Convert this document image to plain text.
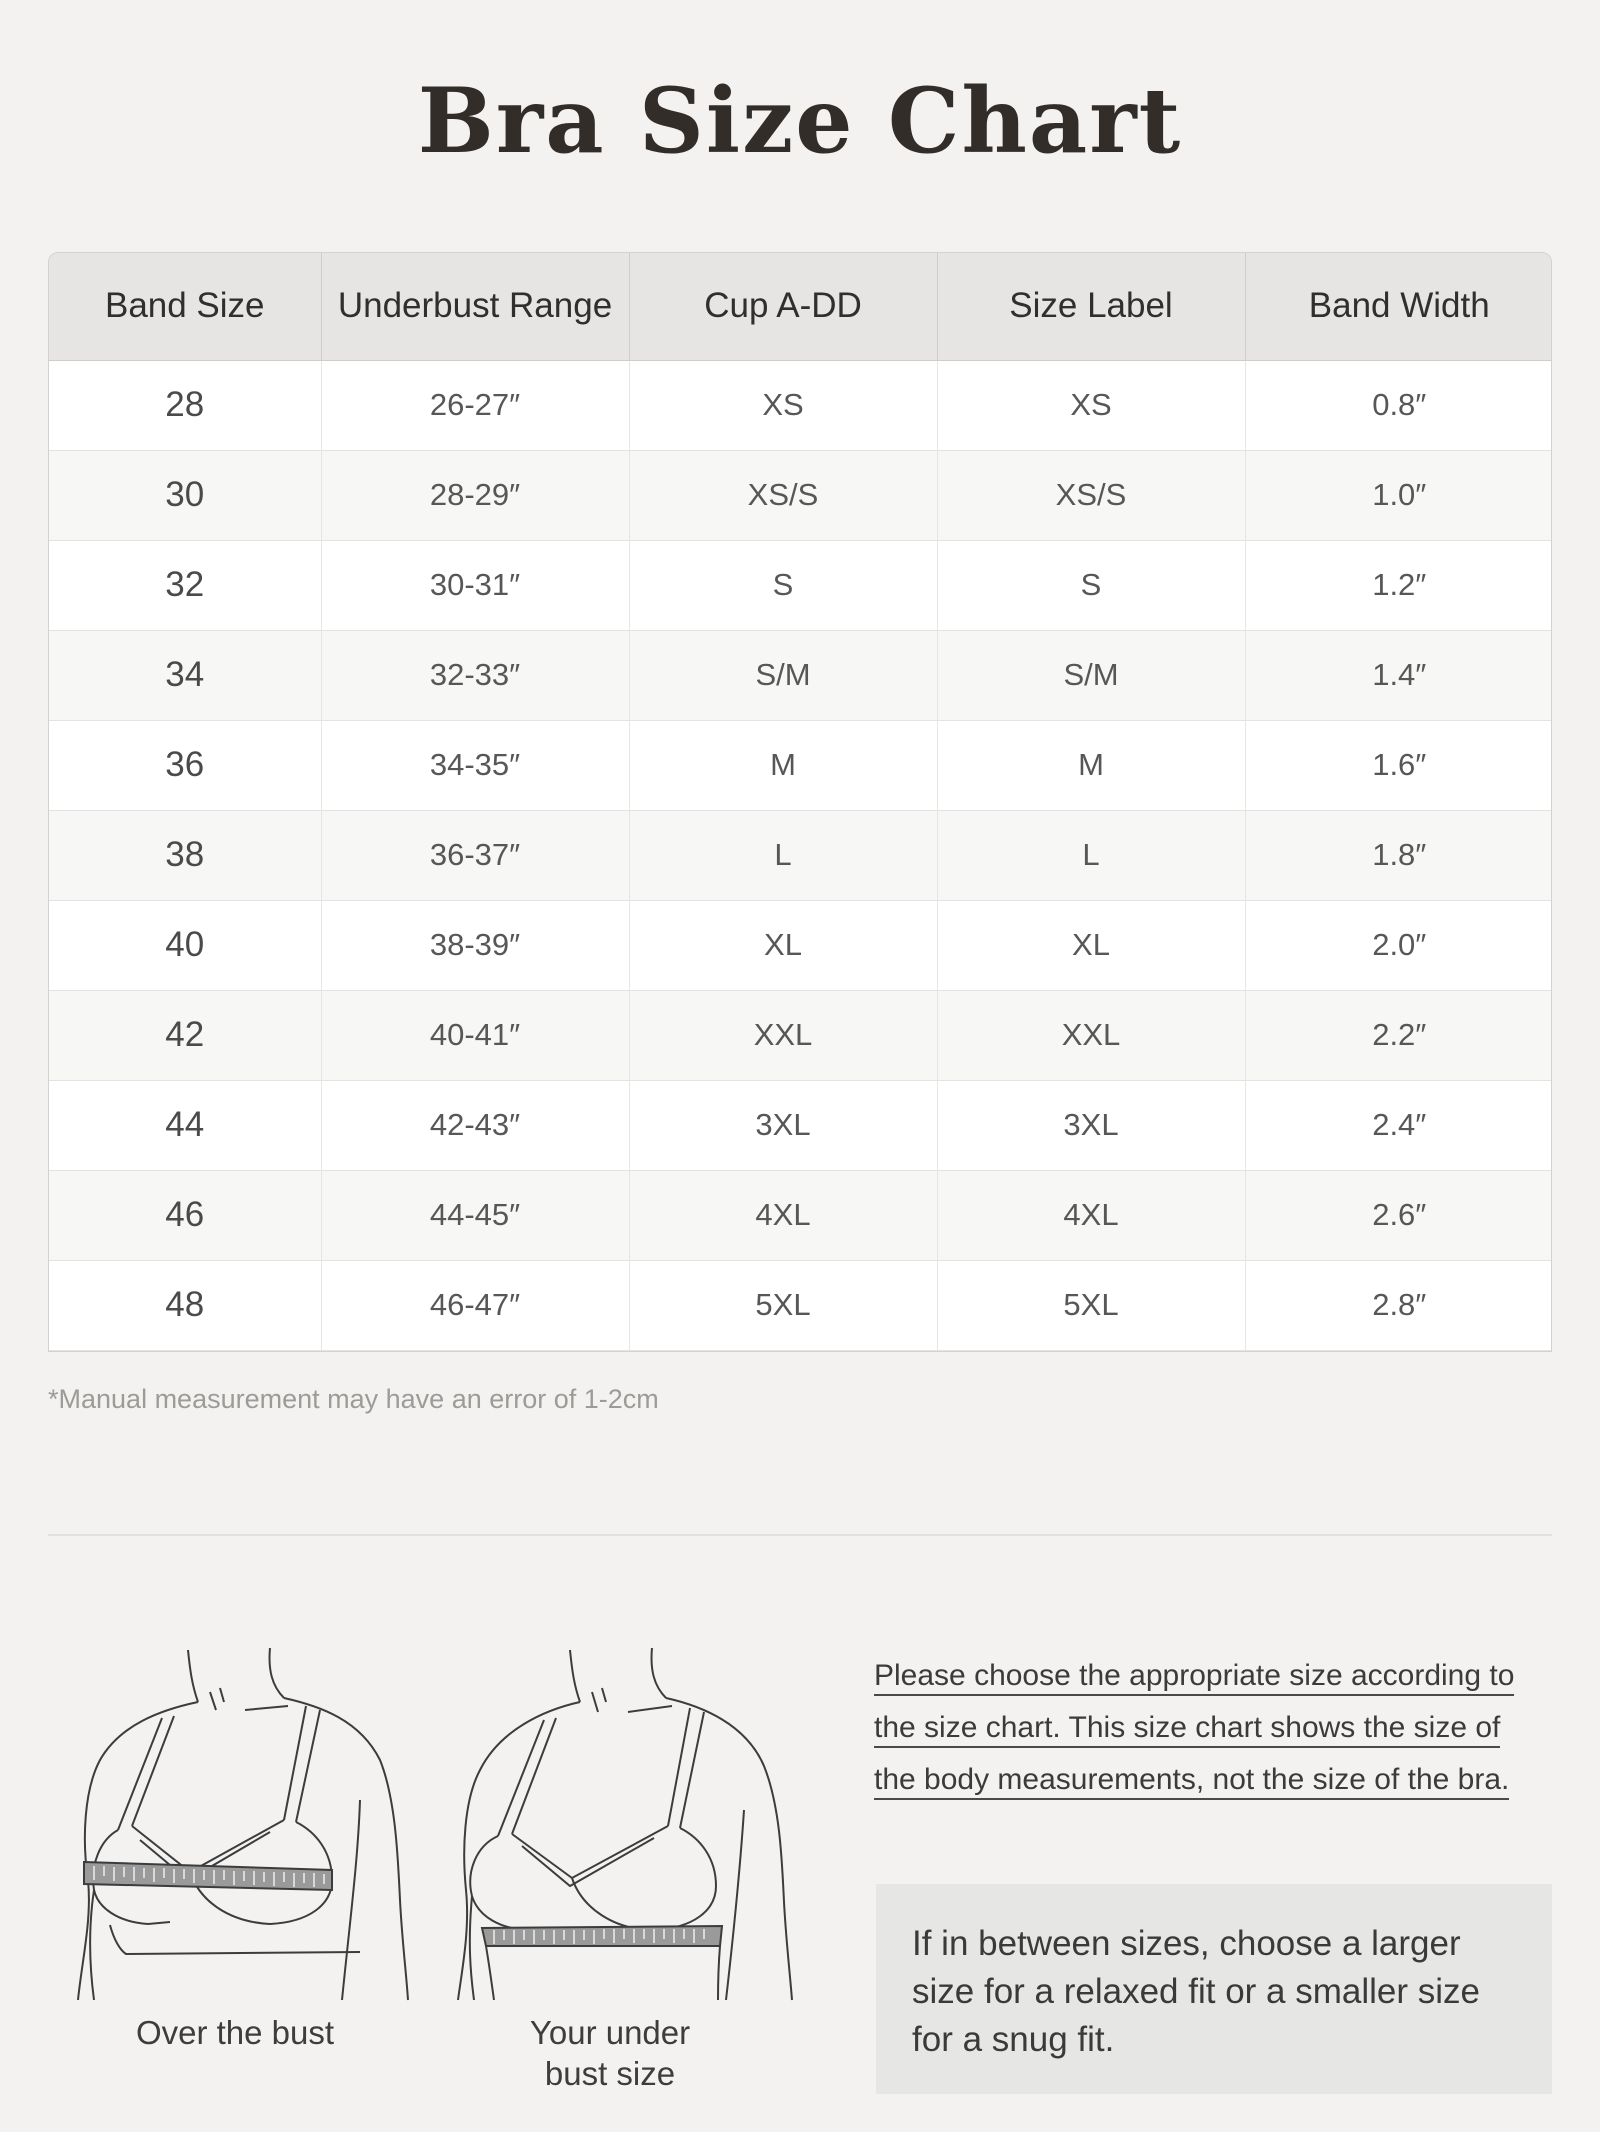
Bra Size Chart
Band Size	Underbust Range	Cup A-DD	Size Label	Band Width
28	26-27″	XS	XS	0.8″
30	28-29″	XS/S	XS/S	1.0″
32	30-31″	S	S	1.2″
34	32-33″	S/M	S/M	1.4″
36	34-35″	M	M	1.6″
38	36-37″	L	L	1.8″
40	38-39″	XL	XL	2.0″
42	40-41″	XXL	XXL	2.2″
44	42-43″	3XL	3XL	2.4″
46	44-45″	4XL	4XL	2.6″
48	46-47″	5XL	5XL	2.8″
*Manual measurement may have an error of 1-2cm
Over the bust	Your under
bust size
Please choose the appropriate size according to
the size chart. This size chart shows the size of
the body measurements, not the size of the bra.
If in between sizes, choose a larger size for a relaxed fit or a smaller size for a snug fit.
